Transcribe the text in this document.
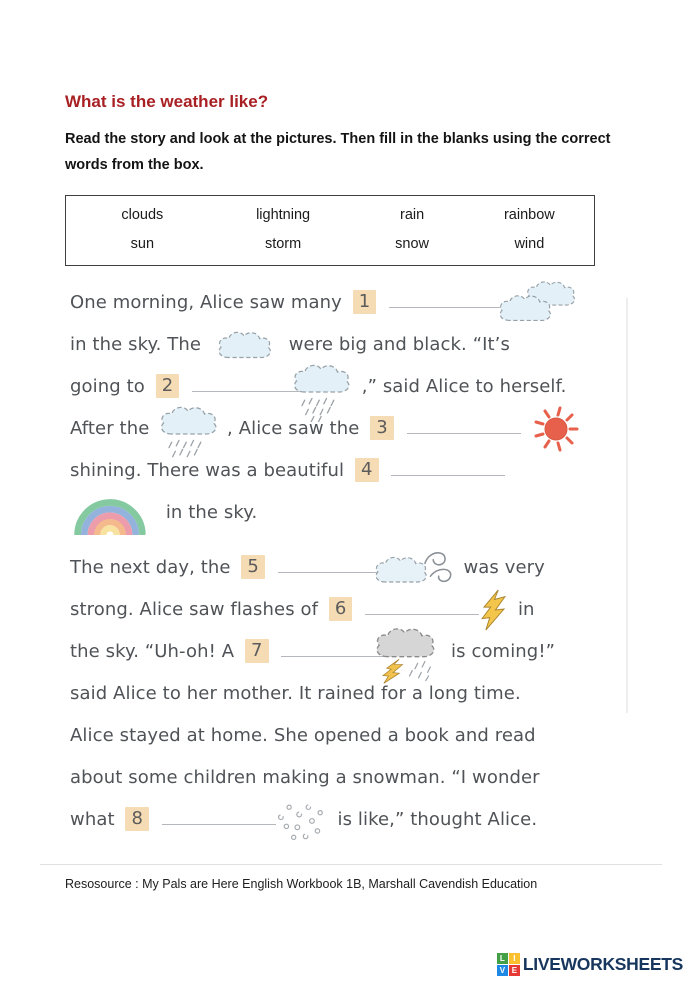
What is the weather like?
Read the story and look at the pictures. Then fill in the blanks using the correct
words from the box.
clouds	lightning	rain	rainbow
sun	storm	snow	wind
One morning, Alice saw many 1
in the sky. The	were big and black. “It’s
going to 2	,” said Alice to herself.
After the	, Alice saw the 3
shining. There was a beautiful 4
in the sky.
The next day, the 5	was very
strong. Alice saw flashes of 6	in
the sky. “Uh-oh! A 7	is coming!”
said Alice to her mother. It rained for a long time.
Alice stayed at home. She opened a book and read
about some children making a snowman. “I wonder
what 8	is like,” thought Alice.

Resosource : My Pals are Here English Workbook 1B, Marshall Cavendish Education

L	I
V E LIVEWORKSHEETS
